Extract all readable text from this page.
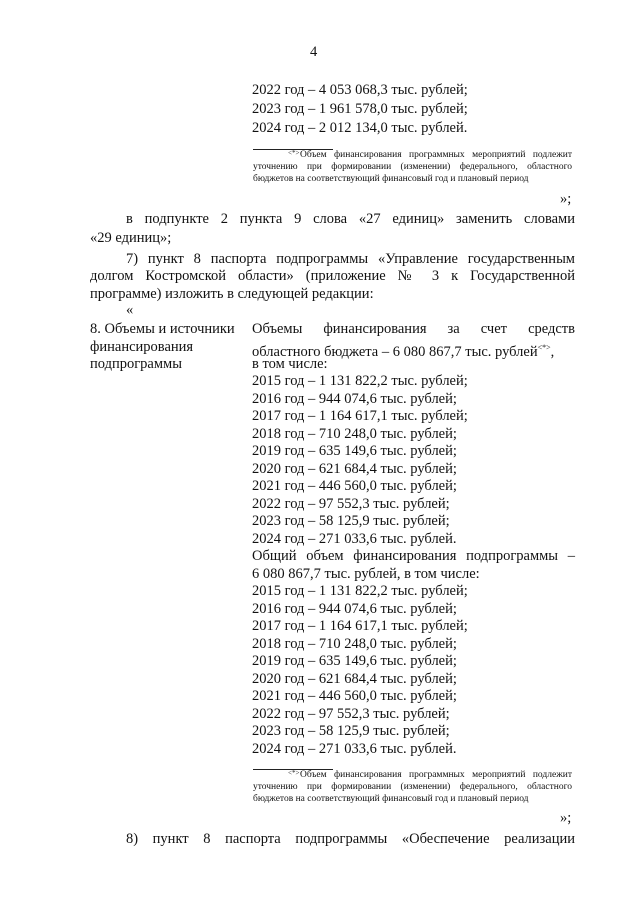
4
2022 год – 4 053 068,3 тыс. рублей;
2023 год – 1 961 578,0 тыс. рублей;
2024 год – 2 012 134,0 тыс. рублей.
<*> Объем финансирования программных мероприятий подлежит
уточнению при формировании (изменении) федерального, областного
бюджетов на соответствующий финансовый год и плановый период
»;
в подпункте 2 пункта 9 слова «27 единиц» заменить словами
«29 единиц»;
7) пункт 8 паспорта подпрограммы «Управление государственным
долгом Костромской области» (приложение № 3 к Государственной
программе) изложить в следующей редакции:
«
8. Объемы и источники
финансирования
подпрограммы
Объемы финансирования за счет средств
областного бюджета – 6 080 867,7 тыс. рублей<*>,
в том числе:
2015 год – 1 131 822,2 тыс. рублей;
2016 год – 944 074,6 тыс. рублей;
2017 год – 1 164 617,1 тыс. рублей;
2018 год – 710 248,0 тыс. рублей;
2019 год – 635 149,6 тыс. рублей;
2020 год – 621 684,4 тыс. рублей;
2021 год – 446 560,0 тыс. рублей;
2022 год – 97 552,3 тыс. рублей;
2023 год – 58 125,9 тыс. рублей;
2024 год – 271 033,6 тыс. рублей.
Общий объем финансирования подпрограммы –
6 080 867,7 тыс. рублей, в том числе:
2015 год – 1 131 822,2 тыс. рублей;
2016 год – 944 074,6 тыс. рублей;
2017 год – 1 164 617,1 тыс. рублей;
2018 год – 710 248,0 тыс. рублей;
2019 год – 635 149,6 тыс. рублей;
2020 год – 621 684,4 тыс. рублей;
2021 год – 446 560,0 тыс. рублей;
2022 год – 97 552,3 тыс. рублей;
2023 год – 58 125,9 тыс. рублей;
2024 год – 271 033,6 тыс. рублей.
<*> Объем финансирования программных мероприятий подлежит
уточнению при формировании (изменении) федерального, областного
бюджетов на соответствующий финансовый год и плановый период
»;
8) пункт 8 паспорта подпрограммы «Обеспечение реализации
